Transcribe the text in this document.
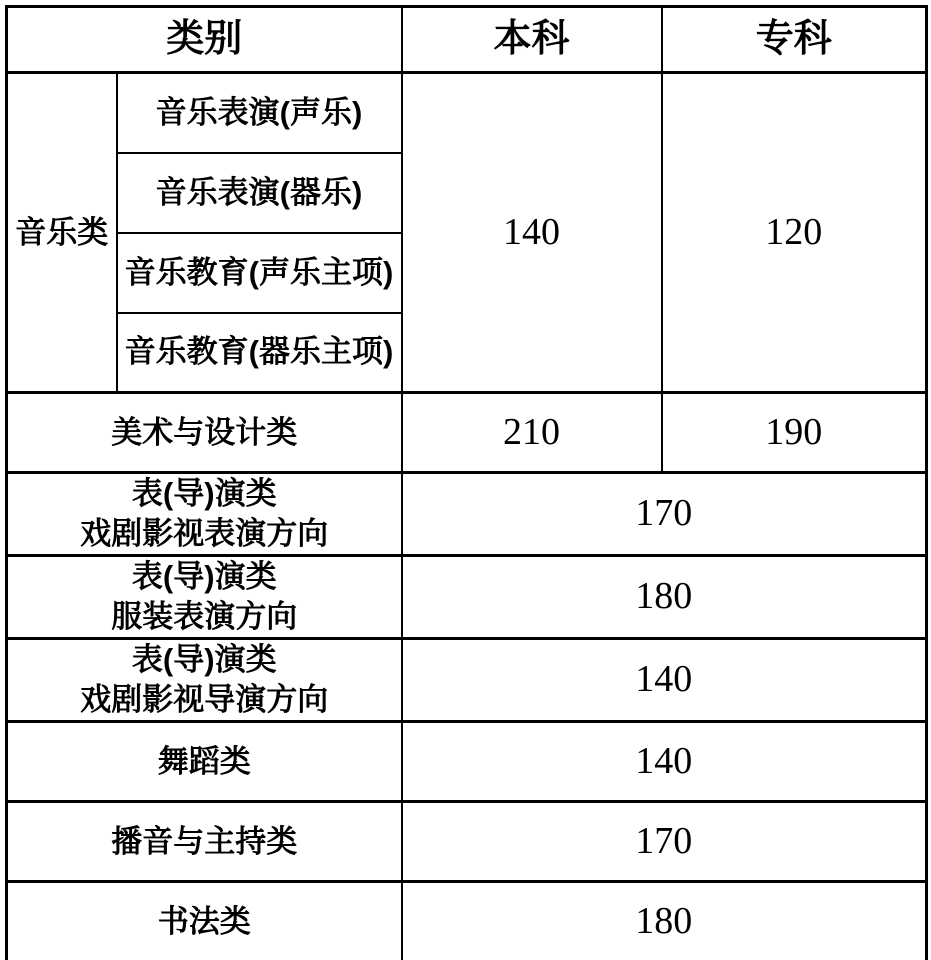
类别		本科	专科
音乐类	音乐表演(声乐)	140	120
	音乐表演(器乐)		
	音乐教育(声乐主项)		
	音乐教育(器乐主项)		
美术与设计类		210	190

表(导)演类
戏剧影视表演方向		170	

表(导)演类
服装表演方向		180	

表(导)演类
戏剧影视导演方向		140	
舞蹈类		140	
播音与主持类		170	
书法类		180	
